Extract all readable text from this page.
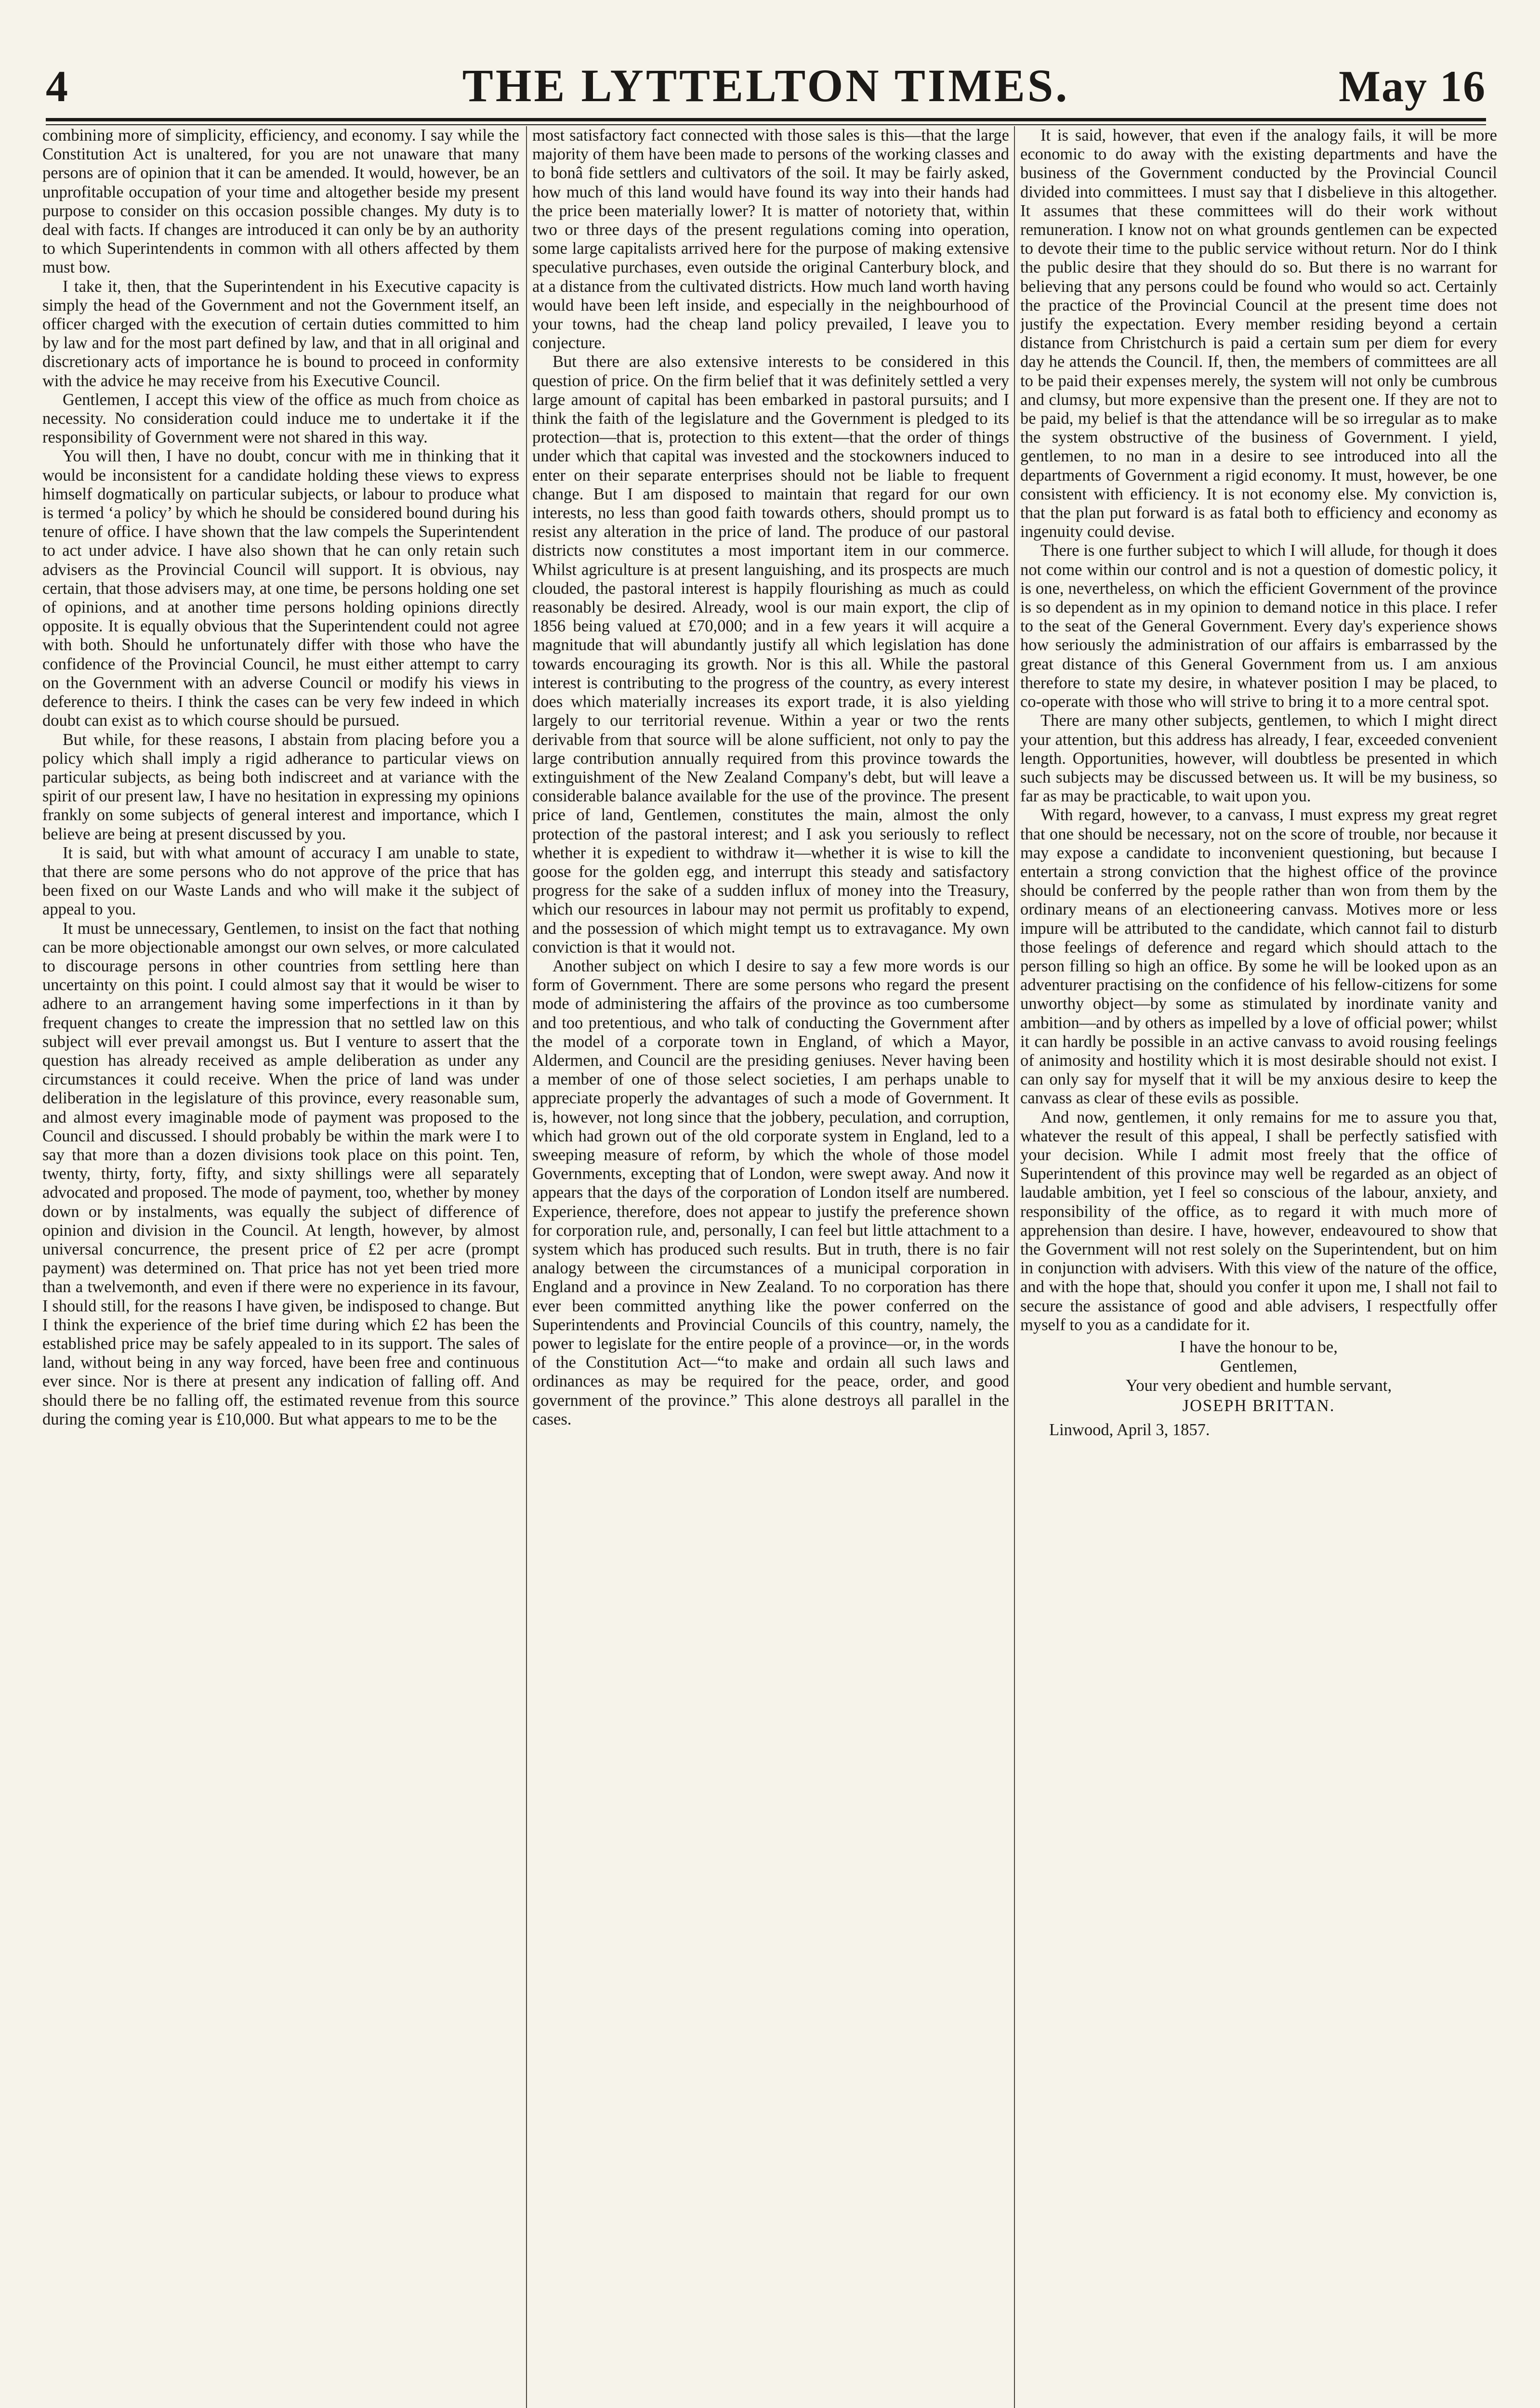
4	THE LYTTELTON TIMES.	May 16

combining more of simplicity, efficiency, and economy. I say while the Constitution Act is unaltered, for you are not unaware that many persons are of opinion that it can be amended. It would, however, be an unprofitable occupation of your time and altogether beside my present purpose to consider on this occasion possible changes. My duty is to deal with facts. If changes are introduced it can only be by an authority to which Superintendents in common with all others affected by them must bow.

I take it, then, that the Superintendent in his Executive capacity is simply the head of the Government and not the Government itself, an officer charged with the execution of certain duties committed to him by law and for the most part defined by law, and that in all original and discretionary acts of importance he is bound to proceed in conformity with the advice he may receive from his Executive Council.

Gentlemen, I accept this view of the office as much from choice as necessity. No consideration could induce me to undertake it if the responsibility of Government were not shared in this way.

You will then, I have no doubt, concur with me in thinking that it would be inconsistent for a candidate holding these views to express himself dogmatically on particular subjects, or labour to produce what is termed ‘a policy’ by which he should be considered bound during his tenure of office. I have shown that the law compels the Superintendent to act under advice. I have also shown that he can only retain such advisers as the Provincial Council will support. It is obvious, nay certain, that those advisers may, at one time, be persons holding one set of opinions, and at another time persons holding opinions directly opposite. It is equally obvious that the Superintendent could not agree with both. Should he unfortunately differ with those who have the confidence of the Provincial Council, he must either attempt to carry on the Government with an adverse Council or modify his views in deference to theirs. I think the cases can be very few indeed in which doubt can exist as to which course should be pursued.

But while, for these reasons, I abstain from placing before you a policy which shall imply a rigid adherance to particular views on particular subjects, as being both indiscreet and at variance with the spirit of our present law, I have no hesitation in expressing my opinions frankly on some subjects of general interest and importance, which I believe are being at present discussed by you.

It is said, but with what amount of accuracy I am unable to state, that there are some persons who do not approve of the price that has been fixed on our Waste Lands and who will make it the subject of appeal to you.

It must be unnecessary, Gentlemen, to insist on the fact that nothing can be more objectionable amongst our own selves, or more calculated to discourage persons in other countries from settling here than uncertainty on this point. I could almost say that it would be wiser to adhere to an arrangement having some imperfections in it than by frequent changes to create the impression that no settled law on this subject will ever prevail amongst us. But I venture to assert that the question has already received as ample deliberation as under any circumstances it could receive. When the price of land was under deliberation in the legislature of this province, every reasonable sum, and almost every imaginable mode of payment was proposed to the Council and discussed. I should probably be within the mark were I to say that more than a dozen divisions took place on this point. Ten, twenty, thirty, forty, fifty, and sixty shillings were all separately advocated and proposed. The mode of payment, too, whether by money down or by instalments, was equally the subject of difference of opinion and division in the Council. At length, however, by almost universal concurrence, the present price of £2 per acre (prompt payment) was determined on. That price has not yet been tried more than a twelvemonth, and even if there were no experience in its favour, I should still, for the reasons I have given, be indisposed to change. But I think the experience of the brief time during which £2 has been the established price may be safely appealed to in its support. The sales of land, without being in any way forced, have been free and continuous ever since. Nor is there at present any indication of falling off. And should there be no falling off, the estimated revenue from this source during the coming year is £10,000. But what appears to me to be the

most satisfactory fact connected with those sales is this—that the large majority of them have been made to persons of the working classes and to bonâ fide settlers and cultivators of the soil. It may be fairly asked, how much of this land would have found its way into their hands had the price been materially lower? It is matter of notoriety that, within two or three days of the present regulations coming into operation, some large capitalists arrived here for the purpose of making extensive speculative purchases, even outside the original Canterbury block, and at a distance from the cultivated districts. How much land worth having would have been left inside, and especially in the neighbourhood of your towns, had the cheap land policy prevailed, I leave you to conjecture.

But there are also extensive interests to be considered in this question of price. On the firm belief that it was definitely settled a very large amount of capital has been embarked in pastoral pursuits; and I think the faith of the legislature and the Government is pledged to its protection—that is, protection to this extent—that the order of things under which that capital was invested and the stockowners induced to enter on their separate enterprises should not be liable to frequent change. But I am disposed to maintain that regard for our own interests, no less than good faith towards others, should prompt us to resist any alteration in the price of land. The produce of our pastoral districts now constitutes a most important item in our commerce. Whilst agriculture is at present languishing, and its prospects are much clouded, the pastoral interest is happily flourishing as much as could reasonably be desired. Already, wool is our main export, the clip of 1856 being valued at £70,000; and in a few years it will acquire a magnitude that will abundantly justify all which legislation has done towards encouraging its growth. Nor is this all. While the pastoral interest is contributing to the progress of the country, as every interest does which materially increases its export trade, it is also yielding largely to our territorial revenue. Within a year or two the rents derivable from that source will be alone sufficient, not only to pay the large contribution annually required from this province towards the extinguishment of the New Zealand Company's debt, but will leave a considerable balance available for the use of the province. The present price of land, Gentlemen, constitutes the main, almost the only protection of the pastoral interest; and I ask you seriously to reflect whether it is expedient to withdraw it—whether it is wise to kill the goose for the golden egg, and interrupt this steady and satisfactory progress for the sake of a sudden influx of money into the Treasury, which our resources in labour may not permit us profitably to expend, and the possession of which might tempt us to extravagance. My own conviction is that it would not.

Another subject on which I desire to say a few more words is our form of Government. There are some persons who regard the present mode of administering the affairs of the province as too cumbersome and too pretentious, and who talk of conducting the Government after the model of a corporate town in England, of which a Mayor, Aldermen, and Council are the presiding geniuses. Never having been a member of one of those select societies, I am perhaps unable to appreciate properly the advantages of such a mode of Government. It is, however, not long since that the jobbery, peculation, and corruption, which had grown out of the old corporate system in England, led to a sweeping measure of reform, by which the whole of those model Governments, excepting that of London, were swept away. And now it appears that the days of the corporation of London itself are numbered. Experience, therefore, does not appear to justify the preference shown for corporation rule, and, personally, I can feel but little attachment to a system which has produced such results. But in truth, there is no fair analogy between the circumstances of a municipal corporation in England and a province in New Zealand. To no corporation has there ever been committed anything like the power conferred on the Superintendents and Provincial Councils of this country, namely, the power to legislate for the entire people of a province—or, in the words of the Constitution Act—“to make and ordain all such laws and ordinances as may be required for the peace, order, and good government of the province.” This alone destroys all parallel in the cases.

It is said, however, that even if the analogy fails, it will be more economic to do away with the existing departments and have the business of the Government conducted by the Provincial Council divided into committees. I must say that I disbelieve in this altogether. It assumes that these committees will do their work without remuneration. I know not on what grounds gentlemen can be expected to devote their time to the public service without return. Nor do I think the public desire that they should do so. But there is no warrant for believing that any persons could be found who would so act. Certainly the practice of the Provincial Council at the present time does not justify the expectation. Every member residing beyond a certain distance from Christchurch is paid a certain sum per diem for every day he attends the Council. If, then, the members of committees are all to be paid their expenses merely, the system will not only be cumbrous and clumsy, but more expensive than the present one. If they are not to be paid, my belief is that the attendance will be so irregular as to make the system obstructive of the business of Government. I yield, gentlemen, to no man in a desire to see introduced into all the departments of Government a rigid economy. It must, however, be one consistent with efficiency. It is not economy else. My conviction is, that the plan put forward is as fatal both to efficiency and economy as ingenuity could devise.

There is one further subject to which I will allude, for though it does not come within our control and is not a question of domestic policy, it is one, nevertheless, on which the efficient Government of the province is so dependent as in my opinion to demand notice in this place. I refer to the seat of the General Government. Every day's experience shows how seriously the administration of our affairs is embarrassed by the great distance of this General Government from us. I am anxious therefore to state my desire, in whatever position I may be placed, to co-operate with those who will strive to bring it to a more central spot.

There are many other subjects, gentlemen, to which I might direct your attention, but this address has already, I fear, exceeded convenient length. Opportunities, however, will doubtless be presented in which such subjects may be discussed between us. It will be my business, so far as may be practicable, to wait upon you.

With regard, however, to a canvass, I must express my great regret that one should be necessary, not on the score of trouble, nor because it may expose a candidate to inconvenient questioning, but because I entertain a strong conviction that the highest office of the province should be conferred by the people rather than won from them by the ordinary means of an electioneering canvass. Motives more or less impure will be attributed to the candidate, which cannot fail to disturb those feelings of deference and regard which should attach to the person filling so high an office. By some he will be looked upon as an adventurer practising on the confidence of his fellow-citizens for some unworthy object—by some as stimulated by inordinate vanity and ambition—and by others as impelled by a love of official power; whilst it can hardly be possible in an active canvass to avoid rousing feelings of animosity and hostility which it is most desirable should not exist. I can only say for myself that it will be my anxious desire to keep the canvass as clear of these evils as possible.

And now, gentlemen, it only remains for me to assure you that, whatever the result of this appeal, I shall be perfectly satisfied with your decision. While I admit most freely that the office of Superintendent of this province may well be regarded as an object of laudable ambition, yet I feel so conscious of the labour, anxiety, and responsibility of the office, as to regard it with much more of apprehension than desire. I have, however, endeavoured to show that the Government will not rest solely on the Superintendent, but on him in conjunction with advisers. With this view of the nature of the office, and with the hope that, should you confer it upon me, I shall not fail to secure the assistance of good and able advisers, I respectfully offer myself to you as a candidate for it.

I have the honour to be,

Gentlemen,

Your very obedient and humble servant,

JOSEPH BRITTAN.

Linwood, April 3, 1857.
